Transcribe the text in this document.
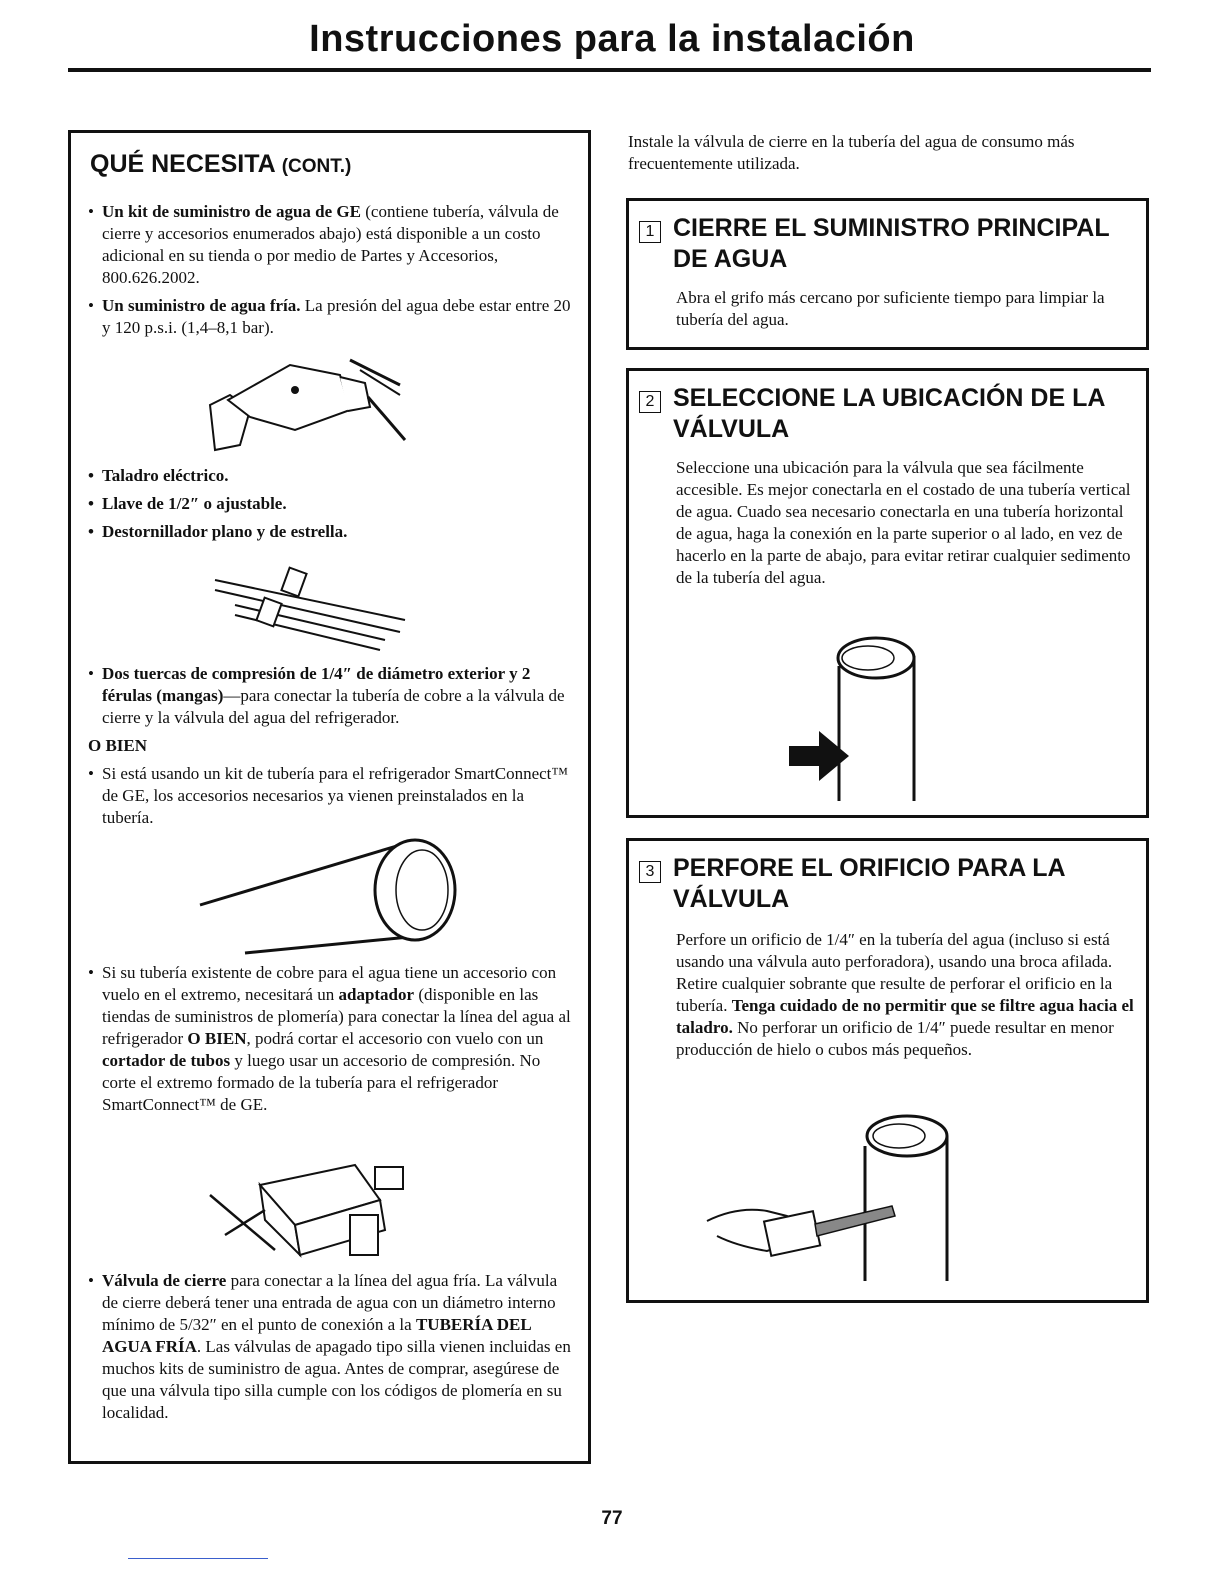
Instrucciones para la instalación
QUÉ NECESITA (CONT.)
• Un kit de suministro de agua de GE (contiene tubería, válvula de cierre y accesorios enumerados abajo) está disponible a un costo adicional en su tienda o por medio de Partes y Accesorios, 800.626.2002.
• Un suministro de agua fría. La presión del agua debe estar entre 20 y 120 p.s.i. (1,4–8,1 bar).
• Taladro eléctrico.
• Llave de 1/2″ o ajustable.
• Destornillador plano y de estrella.
• Dos tuercas de compresión de 1/4″ de diámetro exterior y 2 férulas (mangas)—para conectar la tubería de cobre a la válvula de cierre y la válvula del agua del refrigerador.
O BIEN
• Si está usando un kit de tubería para el refrigerador SmartConnect™ de GE, los accesorios necesarios ya vienen preinstalados en la tubería.
• Si su tubería existente de cobre para el agua tiene un accesorio con vuelo en el extremo, necesitará un adaptador (disponible en las tiendas de suministros de plomería) para conectar la línea del agua al refrigerador O BIEN, podrá cortar el accesorio con vuelo con un cortador de tubos y luego usar un accesorio de compresión. No corte el extremo formado de la tubería para el refrigerador SmartConnect™ de GE.
• Válvula de cierre para conectar a la línea del agua fría. La válvula de cierre deberá tener una entrada de agua con un diámetro interno mínimo de 5/32″ en el punto de conexión a la TUBERÍA DEL AGUA FRÍA. Las válvulas de apagado tipo silla vienen incluidas en muchos kits de suministro de agua. Antes de comprar, asegúrese de que una válvula tipo silla cumple con los códigos de plomería en su localidad.
Instale la válvula de cierre en la tubería del agua de consumo más frecuentemente utilizada.
1 CIERRE EL SUMINISTRO PRINCIPAL DE AGUA
Abra el grifo más cercano por suficiente tiempo para limpiar la tubería del agua.
2 SELECCIONE LA UBICACIÓN DE LA VÁLVULA
Seleccione una ubicación para la válvula que sea fácilmente accesible. Es mejor conectarla en el costado de una tubería vertical de agua. Cuado sea necesario conectarla en una tubería horizontal de agua, haga la conexión en la parte superior o al lado, en vez de hacerlo en la parte de abajo, para evitar retirar cualquier sedimento de la tubería del agua.
3 PERFORE EL ORIFICIO PARA LA VÁLVULA
Perfore un orificio de 1/4″ en la tubería del agua (incluso si está usando una válvula auto perforadora), usando una broca afilada. Retire cualquier sobrante que resulte de perforar el orificio en la tubería. Tenga cuidado de no permitir que se filtre agua hacia el taladro. No perforar un orificio de 1/4″ puede resultar en menor producción de hielo o cubos más pequeños.
77
